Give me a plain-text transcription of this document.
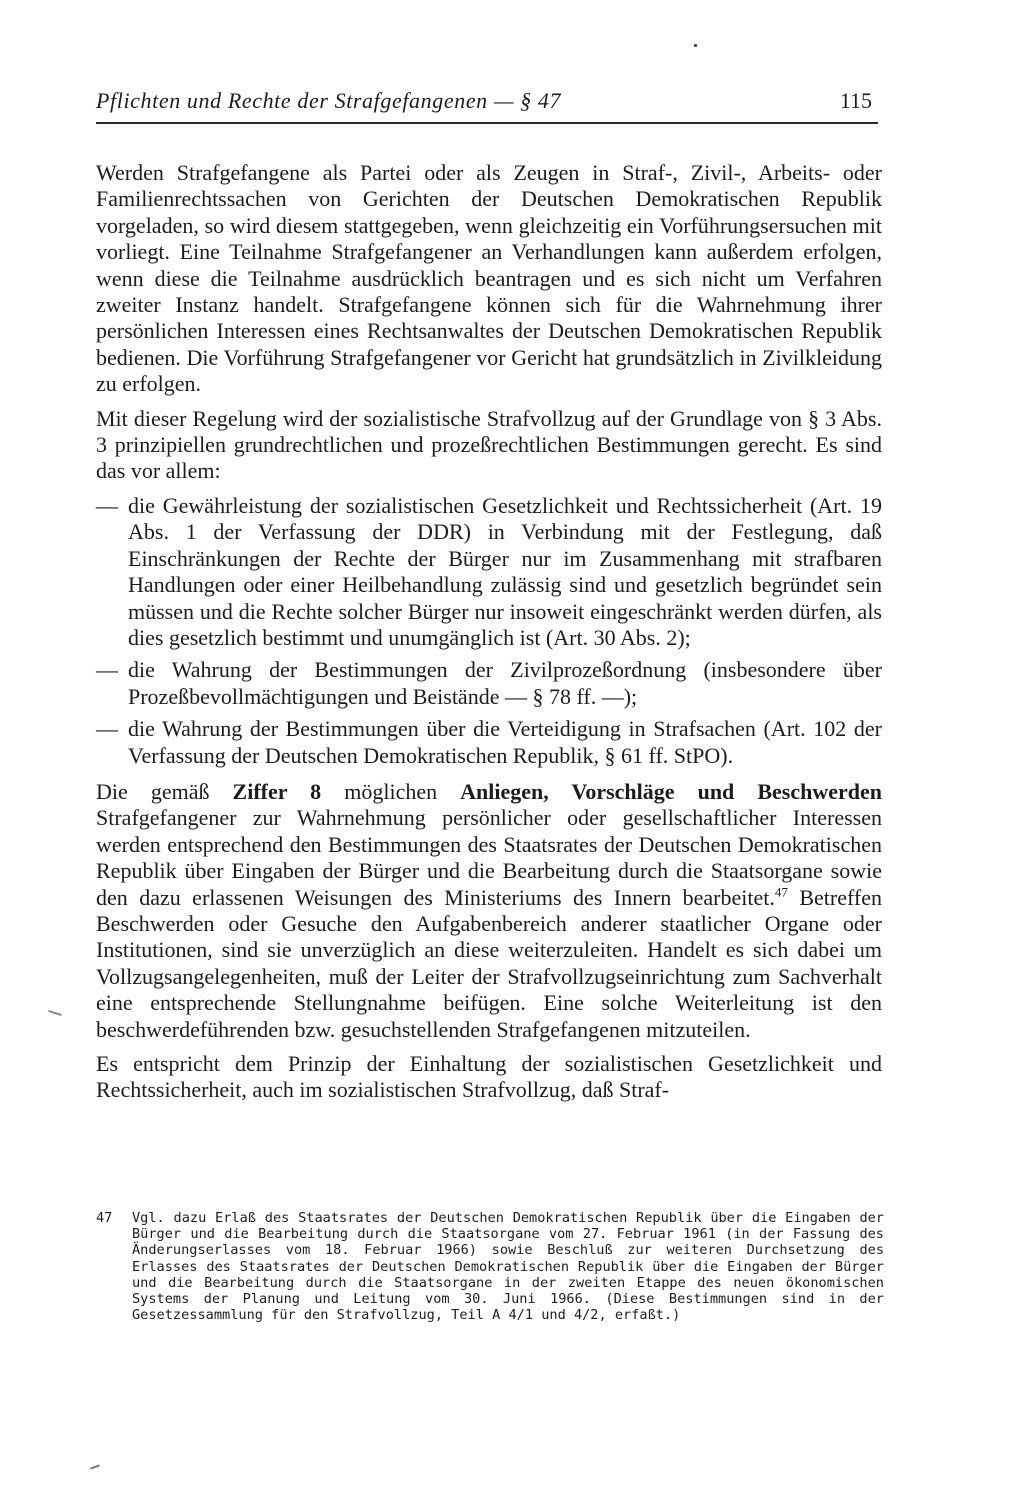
Pflichten und Rechte der Strafgefangenen — § 47	115

Werden Strafgefangene als Partei oder als Zeugen in Straf-, Zivil-, Arbeits- oder Familienrechtssachen von Gerichten der Deutschen Demokratischen Republik vorgeladen, so wird diesem stattgegeben, wenn gleichzeitig ein Vorführungsersuchen mit vorliegt. Eine Teilnahme Strafgefangener an Verhandlungen kann außerdem erfolgen, wenn diese die Teilnahme ausdrücklich beantragen und es sich nicht um Verfahren zweiter Instanz handelt. Strafgefangene können sich für die Wahrnehmung ihrer persönlichen Interessen eines Rechtsanwaltes der Deutschen Demokratischen Republik bedienen. Die Vorführung Strafgefangener vor Gericht hat grundsätzlich in Zivilkleidung zu erfolgen.

Mit dieser Regelung wird der sozialistische Strafvollzug auf der Grundlage von § 3 Abs. 3 prinzipiellen grundrechtlichen und prozeßrechtlichen Bestimmungen gerecht. Es sind das vor allem:

— die Gewährleistung der sozialistischen Gesetzlichkeit und Rechtssicherheit (Art. 19 Abs. 1 der Verfassung der DDR) in Verbindung mit der Festlegung, daß Einschränkungen der Rechte der Bürger nur im Zusammenhang mit strafbaren Handlungen oder einer Heilbehandlung zulässig sind und gesetzlich begründet sein müssen und die Rechte solcher Bürger nur insoweit eingeschränkt werden dürfen, als dies gesetzlich bestimmt und unumgänglich ist (Art. 30 Abs. 2);
— die Wahrung der Bestimmungen der Zivilprozeßordnung (insbesondere über Prozeßbevollmächtigungen und Beistände — § 78 ff. —);
— die Wahrung der Bestimmungen über die Verteidigung in Strafsachen (Art. 102 der Verfassung der Deutschen Demokratischen Republik, § 61 ff. StPO).

Die gemäß Ziffer 8 möglichen Anliegen, Vorschläge und Beschwerden Strafgefangener zur Wahrnehmung persönlicher oder gesellschaftlicher Interessen werden entsprechend den Bestimmungen des Staatsrates der Deutschen Demokratischen Republik über Eingaben der Bürger und die Bearbeitung durch die Staatsorgane sowie den dazu erlassenen Weisungen des Ministeriums des Innern bearbeitet.$^{47}$ Betreffen Beschwerden oder Gesuche den Aufgabenbereich anderer staatlicher Organe oder Institutionen, sind sie unverzüglich an diese weiterzuleiten. Handelt es sich dabei um Vollzugsangelegenheiten, muß der Leiter der Strafvollzugseinrichtung zum Sachverhalt eine entsprechende Stellungnahme beifügen. Eine solche Weiterleitung ist den beschwerdeführenden bzw. gesuchstellenden Strafgefangenen mitzuteilen.

Es entspricht dem Prinzip der Einhaltung der sozialistischen Gesetzlichkeit und Rechtssicherheit, auch im sozialistischen Strafvollzug, daß Straf-

47 Vgl. dazu Erlaß des Staatsrates der Deutschen Demokratischen Republik über die Eingaben der Bürger und die Bearbeitung durch die Staatsorgane vom 27. Februar 1961 (in der Fassung des Änderungserlasses vom 18. Februar 1966) sowie Beschluß zur weiteren Durchsetzung des Erlasses des Staatsrates der Deutschen Demokratischen Republik über die Eingaben der Bürger und die Bearbeitung durch die Staatsorgane in der zweiten Etappe des neuen ökonomischen Systems der Planung und Leitung vom 30. Juni 1966. (Diese Bestimmungen sind in der Gesetzessammlung für den Strafvollzug, Teil A 4/1 und 4/2, erfaßt.)
